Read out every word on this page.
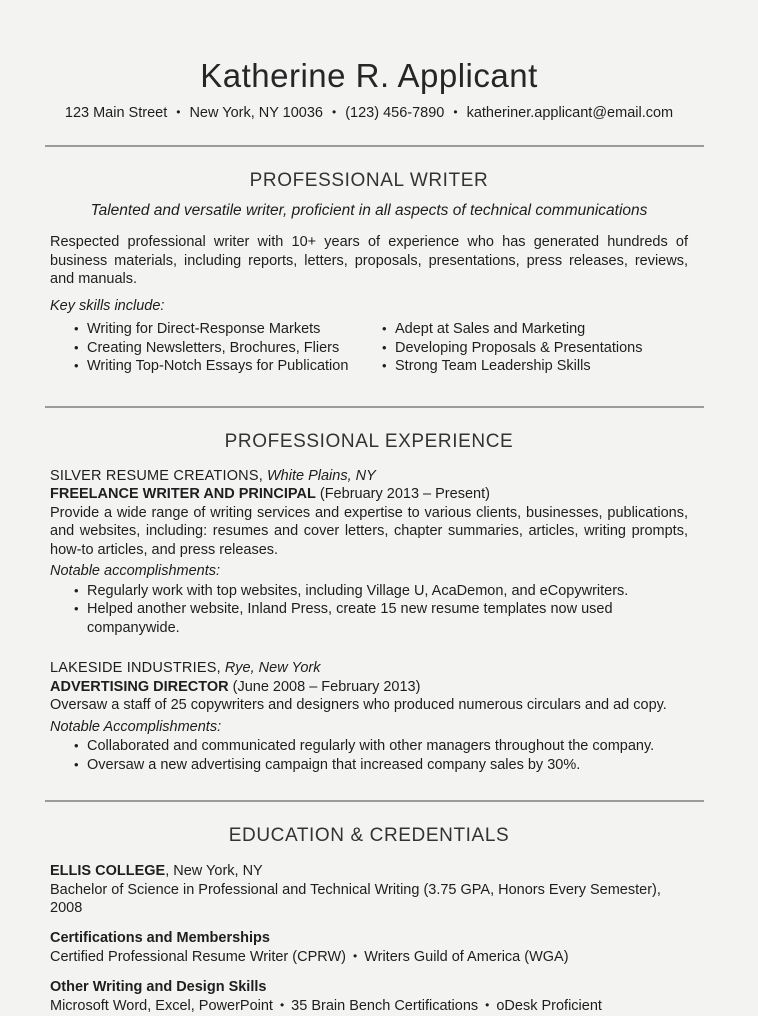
Katherine R. Applicant
123 Main Street • New York, NY 10036 • (123) 456-7890 • katheriner.applicant@email.com
PROFESSIONAL WRITER
Talented and versatile writer, proficient in all aspects of technical communications

Respected professional writer with 10+ years of experience who has generated hundreds of business materials, including reports, letters, proposals, presentations, press releases, reviews, and manuals.

Key skills include:
• Writing for Direct-Response Markets
• Creating Newsletters, Brochures, Fliers
• Writing Top-Notch Essays for Publication
• Adept at Sales and Marketing
• Developing Proposals & Presentations
• Strong Team Leadership Skills
PROFESSIONAL EXPERIENCE
SILVER RESUME CREATIONS, White Plains, NY
FREELANCE WRITER AND PRINCIPAL (February 2013 – Present)

Provide a wide range of writing services and expertise to various clients, businesses, publications, and websites, including: resumes and cover letters, chapter summaries, articles, writing prompts, how-to articles, and press releases.

Notable accomplishments:
• Regularly work with top websites, including Village U, AcaDemon, and eCopywriters.
• Helped another website, Inland Press, create 15 new resume templates now used companywide.
LAKESIDE INDUSTRIES, Rye, New York
ADVERTISING DIRECTOR (June 2008 – February 2013)

Oversaw a staff of 25 copywriters and designers who produced numerous circulars and ad copy.

Notable Accomplishments:
• Collaborated and communicated regularly with other managers throughout the company.
• Oversaw a new advertising campaign that increased company sales by 30%.
EDUCATION & CREDENTIALS
ELLIS COLLEGE, New York, NY
Bachelor of Science in Professional and Technical Writing (3.75 GPA, Honors Every Semester), 2008
Certifications and Memberships
Certified Professional Resume Writer (CPRW) • Writers Guild of America (WGA)
Other Writing and Design Skills
Microsoft Word, Excel, PowerPoint • 35 Brain Bench Certifications • oDesk Proficient
